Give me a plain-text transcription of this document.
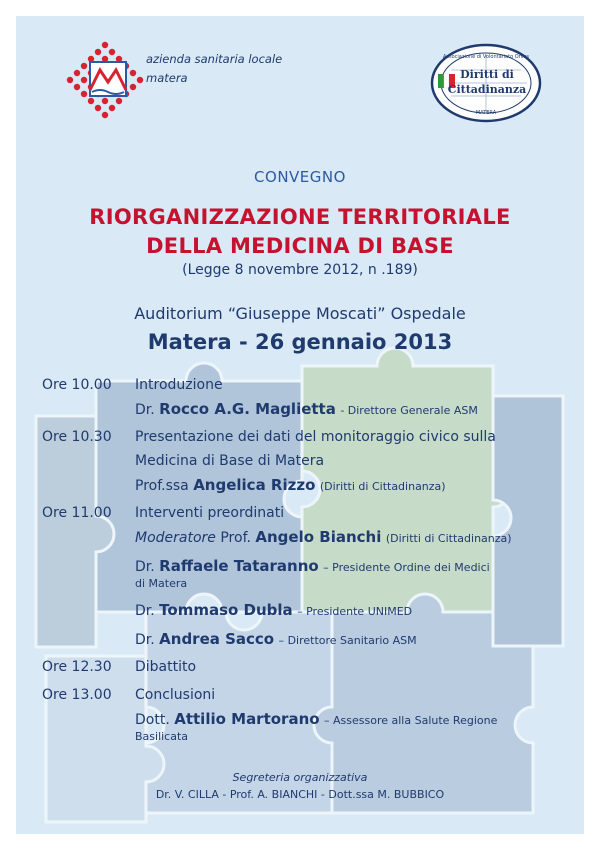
azienda sanitaria locale
matera
Associazione di Volontariato Onlus
Diritti di
Cittadinanza
MATERA
CONVEGNO
RIORGANIZZAZIONE TERRITORIALE
DELLA MEDICINA DI BASE
(Legge 8 novembre 2012, n .189)
Auditorium “Giuseppe Moscati” Ospedale
Matera - 26 gennaio 2013
Ore 10.00 Introduzione
Dr. Rocco A.G. Maglietta - Direttore Generale ASM
Ore 10.30 Presentazione dei dati del monitoraggio civico sulla
Medicina di Base di Matera
Prof.ssa Angelica Rizzo (Diritti di Cittadinanza)
Ore 11.00 Interventi preordinati
Moderatore Prof. Angelo Bianchi (Diritti di Cittadinanza)
Dr. Raffaele Tataranno – Presidente Ordine dei Medici
di Matera
Dr. Tommaso Dubla – Presidente UNIMED
Dr. Andrea Sacco – Direttore Sanitario ASM
Ore 12.30 Dibattito
Ore 13.00 Conclusioni
Dott. Attilio Martorano – Assessore alla Salute Regione
Basilicata
Segreteria organizzativa
Dr. V. CILLA - Prof. A. BIANCHI - Dott.ssa M. BUBBICO
